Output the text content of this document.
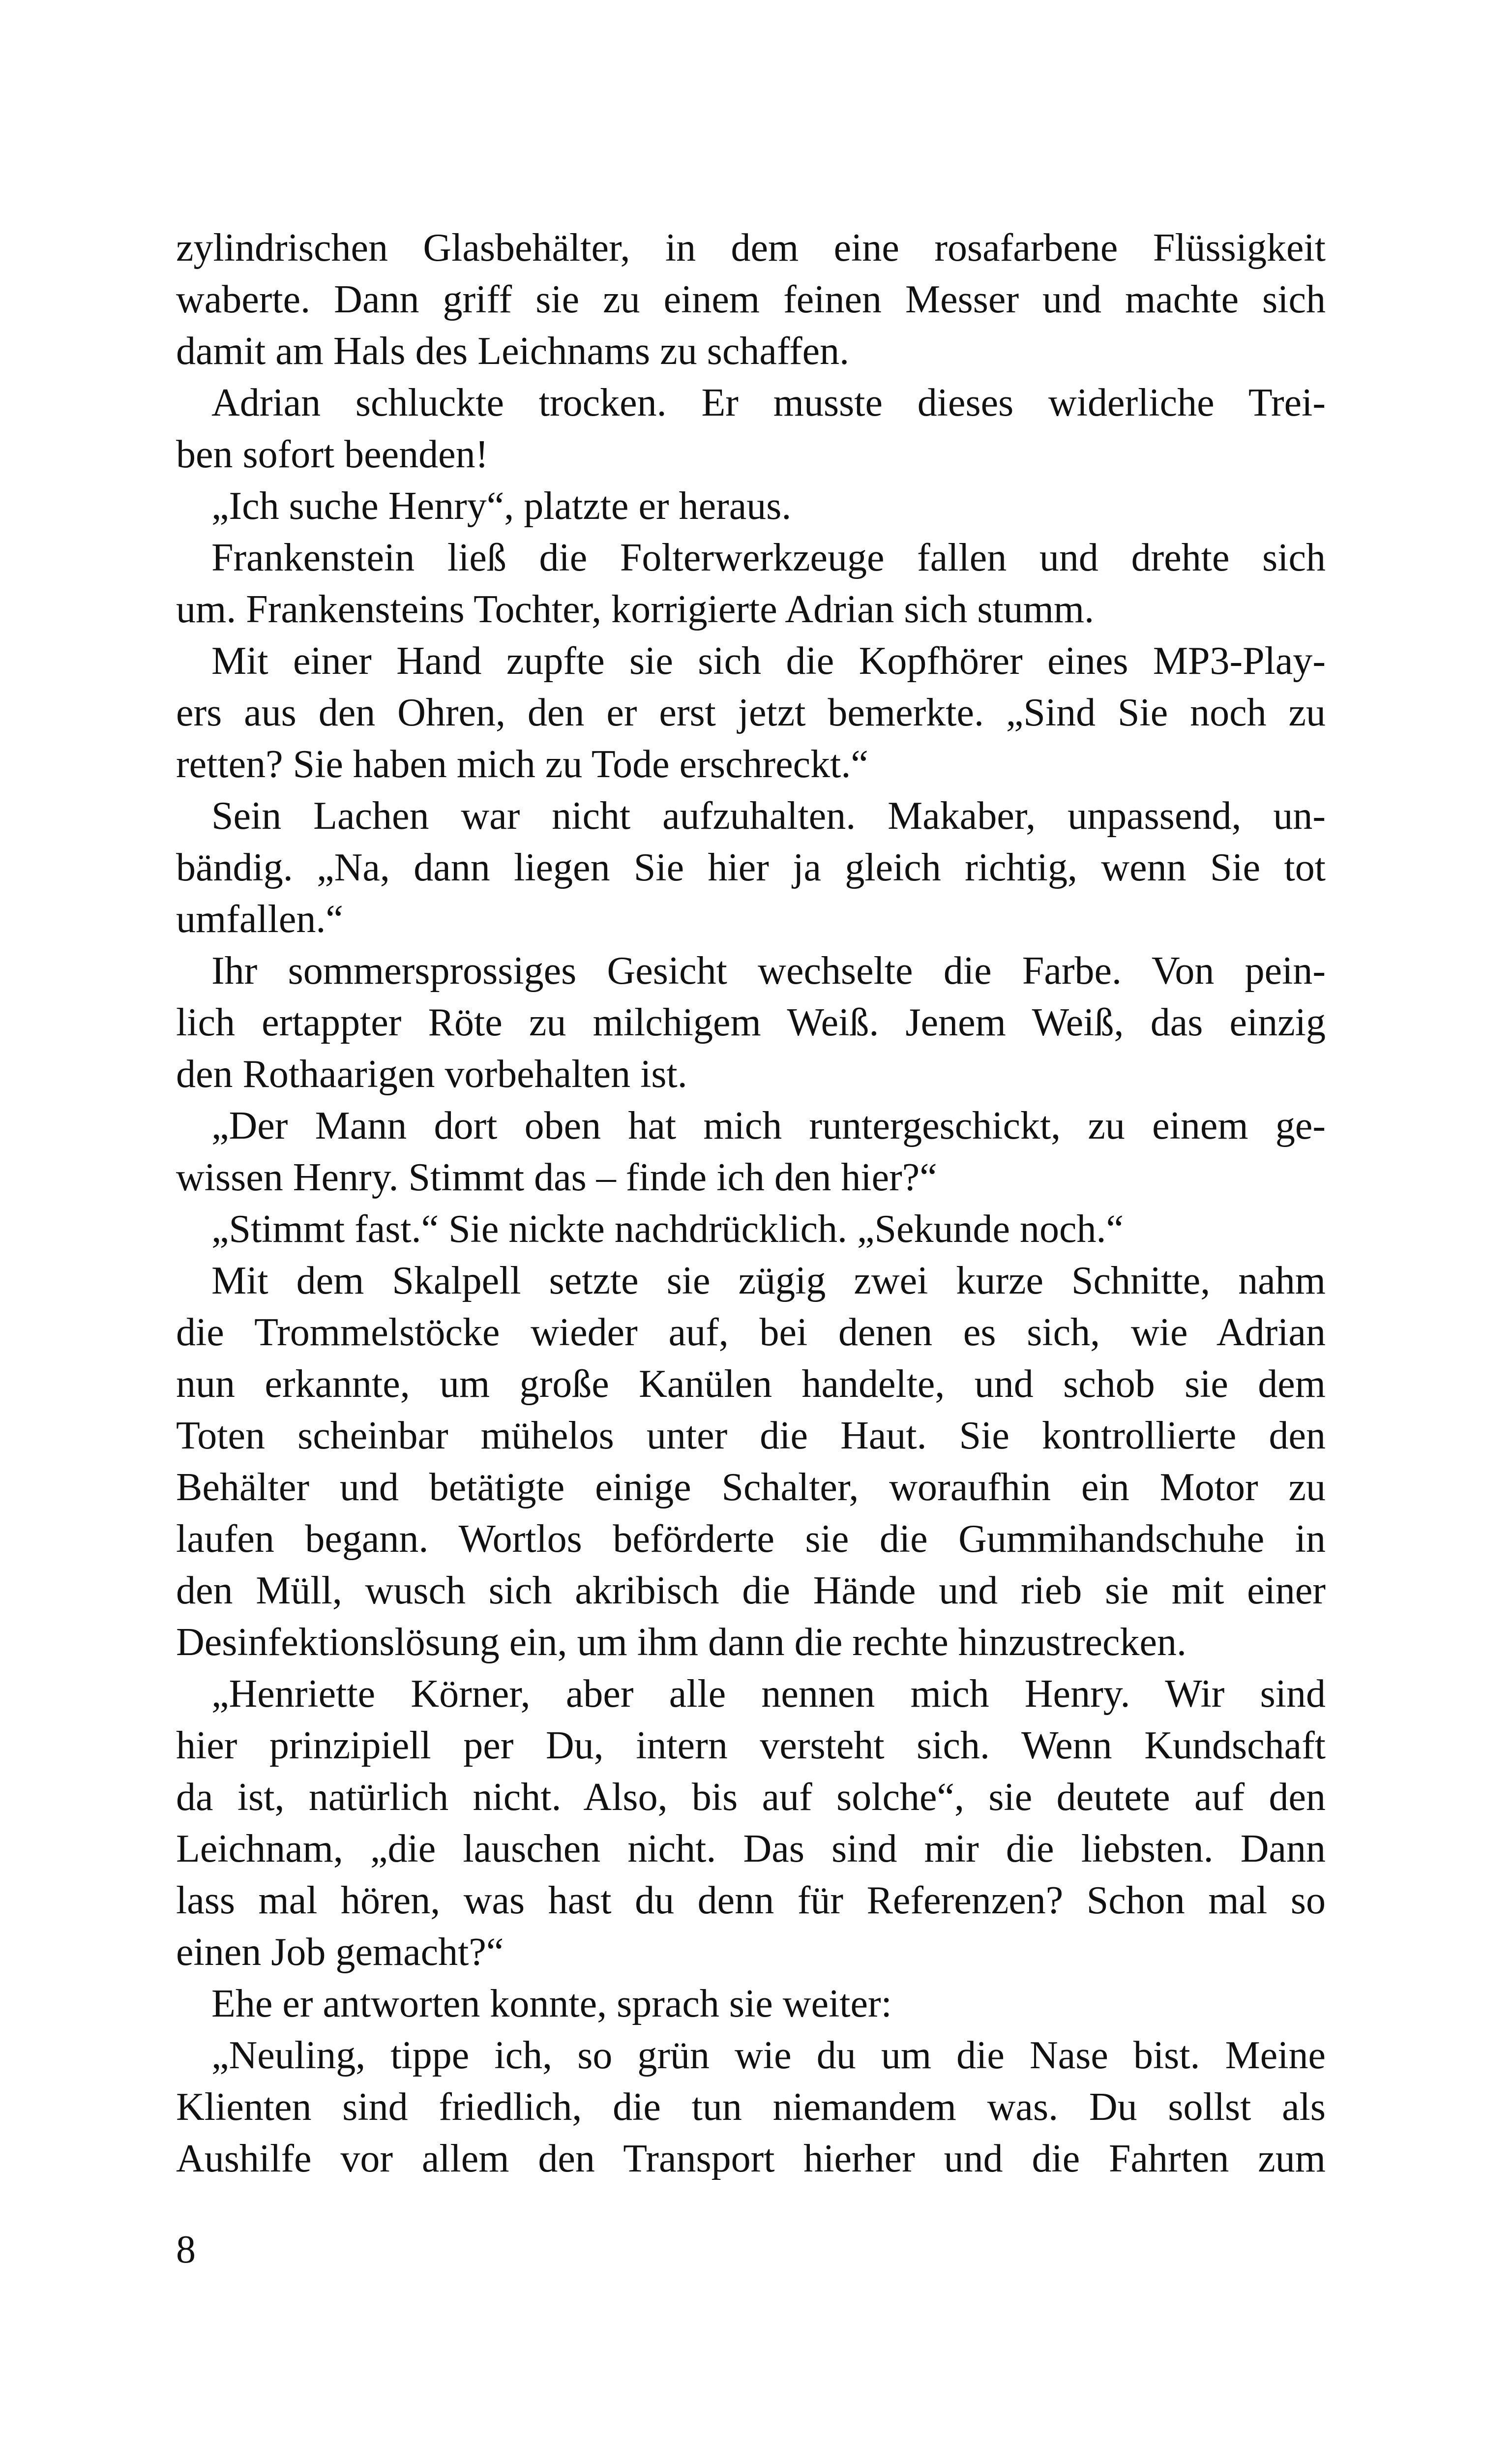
zylindrischen Glasbehälter, in dem eine rosafarbene Flüssigkeit
waberte. Dann griff sie zu einem feinen Messer und machte sich
damit am Hals des Leichnams zu schaffen.
Adrian schluckte trocken. Er musste dieses widerliche Trei-
ben sofort beenden!
„Ich suche Henry“, platzte er heraus.
Frankenstein ließ die Folterwerkzeuge fallen und drehte sich
um. Frankensteins Tochter, korrigierte Adrian sich stumm.
Mit einer Hand zupfte sie sich die Kopfhörer eines MP3-Play-
ers aus den Ohren, den er erst jetzt bemerkte. „Sind Sie noch zu
retten? Sie haben mich zu Tode erschreckt.“
Sein Lachen war nicht aufzuhalten. Makaber, unpassend, un-
bändig. „Na, dann liegen Sie hier ja gleich richtig, wenn Sie tot
umfallen.“
Ihr sommersprossiges Gesicht wechselte die Farbe. Von pein-
lich ertappter Röte zu milchigem Weiß. Jenem Weiß, das einzig
den Rothaarigen vorbehalten ist.
„Der Mann dort oben hat mich runtergeschickt, zu einem ge-
wissen Henry. Stimmt das – finde ich den hier?“
„Stimmt fast.“ Sie nickte nachdrücklich. „Sekunde noch.“
Mit dem Skalpell setzte sie zügig zwei kurze Schnitte, nahm
die Trommelstöcke wieder auf, bei denen es sich, wie Adrian
nun erkannte, um große Kanülen handelte, und schob sie dem
Toten scheinbar mühelos unter die Haut. Sie kontrollierte den
Behälter und betätigte einige Schalter, woraufhin ein Motor zu
laufen begann. Wortlos beförderte sie die Gummihandschuhe in
den Müll, wusch sich akribisch die Hände und rieb sie mit einer
Desinfektionslösung ein, um ihm dann die rechte hinzustrecken.
„Henriette Körner, aber alle nennen mich Henry. Wir sind
hier prinzipiell per Du, intern versteht sich. Wenn Kundschaft
da ist, natürlich nicht. Also, bis auf solche“, sie deutete auf den
Leichnam, „die lauschen nicht. Das sind mir die liebsten. Dann
lass mal hören, was hast du denn für Referenzen? Schon mal so
einen Job gemacht?“
Ehe er antworten konnte, sprach sie weiter:
„Neuling, tippe ich, so grün wie du um die Nase bist. Meine
Klienten sind friedlich, die tun niemandem was. Du sollst als
Aushilfe vor allem den Transport hierher und die Fahrten zum
8
